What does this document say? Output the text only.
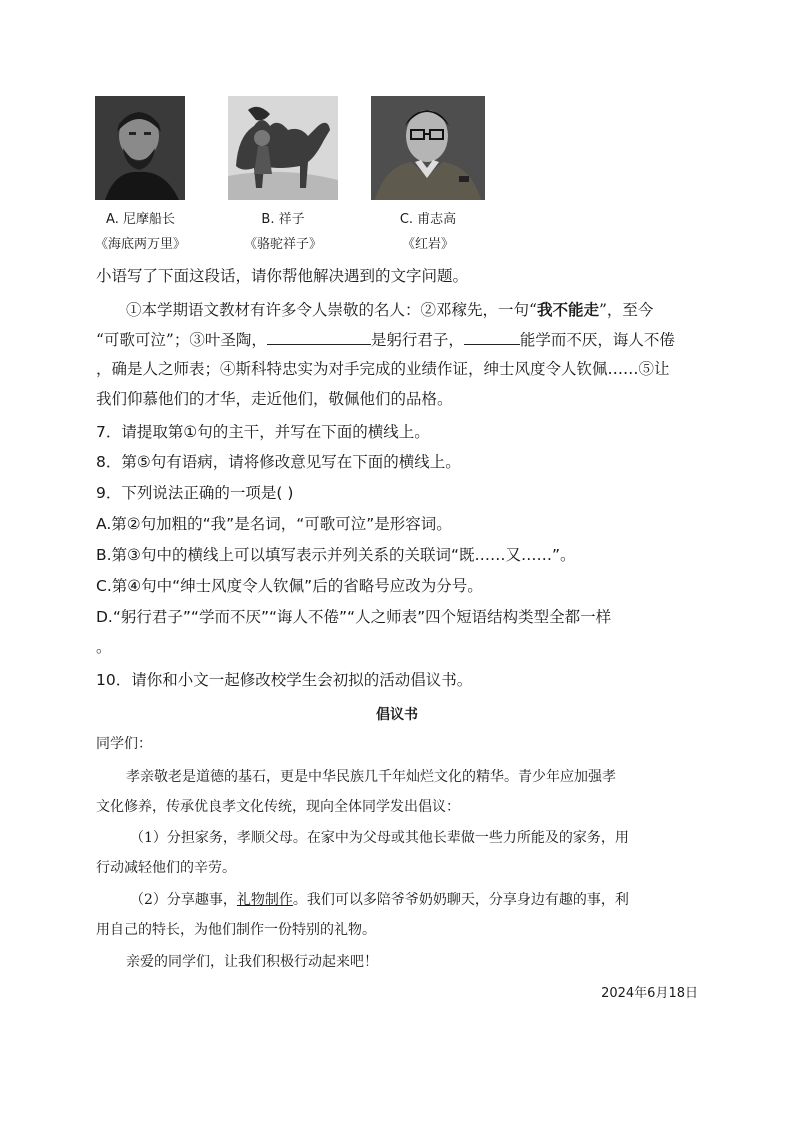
A. 尼摩船长
《海底两万里》
B. 祥子
《骆驼祥子》
C. 甫志高
《红岩》
小语写了下面这段话，请你帮他解决遇到的文字问题。
①本学期语文教材有许多令人崇敬的名人：②邓稼先，一句“我不能走”，至今
“可歌可泣”；③叶圣陶，	是躬行君子，	能学而不厌，诲人不倦
，确是人之师表；④斯科特忠实为对手完成的业绩作证，绅士风度令人钦佩……⑤让
我们仰慕他们的才华，走近他们，敬佩他们的品格。
7．请提取第①句的主干，并写在下面的横线上。
8．第⑤句有语病，请将修改意见写在下面的横线上。
9．下列说法正确的一项是( )
A.第②句加粗的“我”是名词，“可歌可泣”是形容词。
B.第③句中的横线上可以填写表示并列关系的关联词“既……又……”。
C.第④句中“绅士风度令人钦佩”后的省略号应改为分号。
D.“躬行君子”“学而不厌”“诲人不倦”“人之师表”四个短语结构类型全都一样
。
10．请你和小文一起修改校学生会初拟的活动倡议书。
倡议书
同学们：
孝亲敬老是道德的基石，更是中华民族几千年灿烂文化的精华。青少年应加强孝
文化修养，传承优良孝文化传统，现向全体同学发出倡议：
（1）分担家务，孝顺父母。在家中为父母或其他长辈做一些力所能及的家务，用
行动减轻他们的辛劳。
（2）分享趣事，礼物制作。我们可以多陪爷爷奶奶聊天，分享身边有趣的事，利
用自己的特长，为他们制作一份特别的礼物。
亲爱的同学们，让我们积极行动起来吧！
2024年6月18日
